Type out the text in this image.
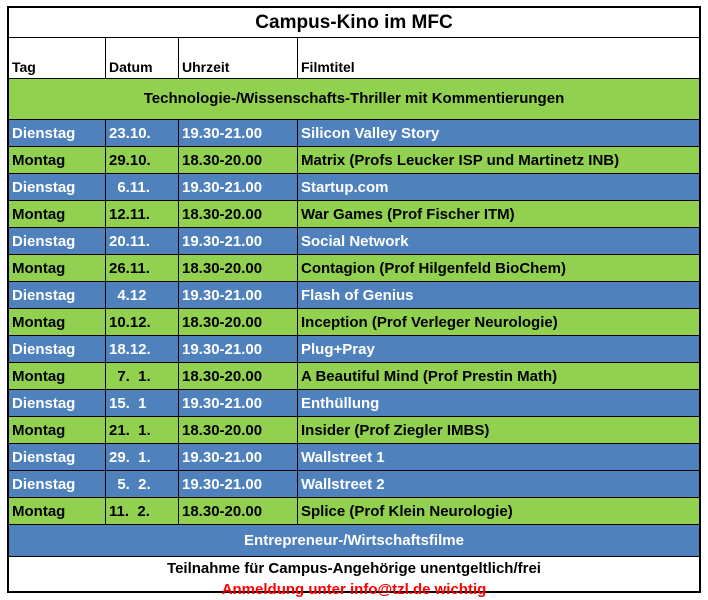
Campus-Kino im MFC
Tag	Datum	Uhrzeit	Filmtitel
Technologie-/Wissenschafts-Thriller mit Kommentierungen
Dienstag	23.10.	19.30-21.00	Silicon Valley Story
Montag	29.10.	18.30-20.00	Matrix (Profs Leucker ISP und Martinetz INB)
Dienstag	6.11.	19.30-21.00	Startup.com
Montag	12.11.	18.30-20.00	War Games (Prof Fischer ITM)
Dienstag	20.11.	19.30-21.00	Social Network
Montag	26.11.	18.30-20.00	Contagion (Prof Hilgenfeld BioChem)
Dienstag	4.12	19.30-21.00	Flash of Genius
Montag	10.12.	18.30-20.00	Inception (Prof Verleger Neurologie)
Dienstag	18.12.	19.30-21.00	Plug+Pray
Montag	7.  1.	18.30-20.00	A Beautiful Mind (Prof Prestin Math)
Dienstag	15.  1	19.30-21.00	Enthüllung
Montag	21.  1.	18.30-20.00	Insider (Prof Ziegler IMBS)
Dienstag	29.  1.	19.30-21.00	Wallstreet 1
Dienstag	5.  2.	19.30-21.00	Wallstreet 2
Montag	11.  2.	18.30-20.00	Splice (Prof Klein Neurologie)
Entrepreneur-/Wirtschaftsfilme
Teilnahme für Campus-Angehörige unentgeltlich/frei
Anmeldung unter info@tzl.de wichtig
